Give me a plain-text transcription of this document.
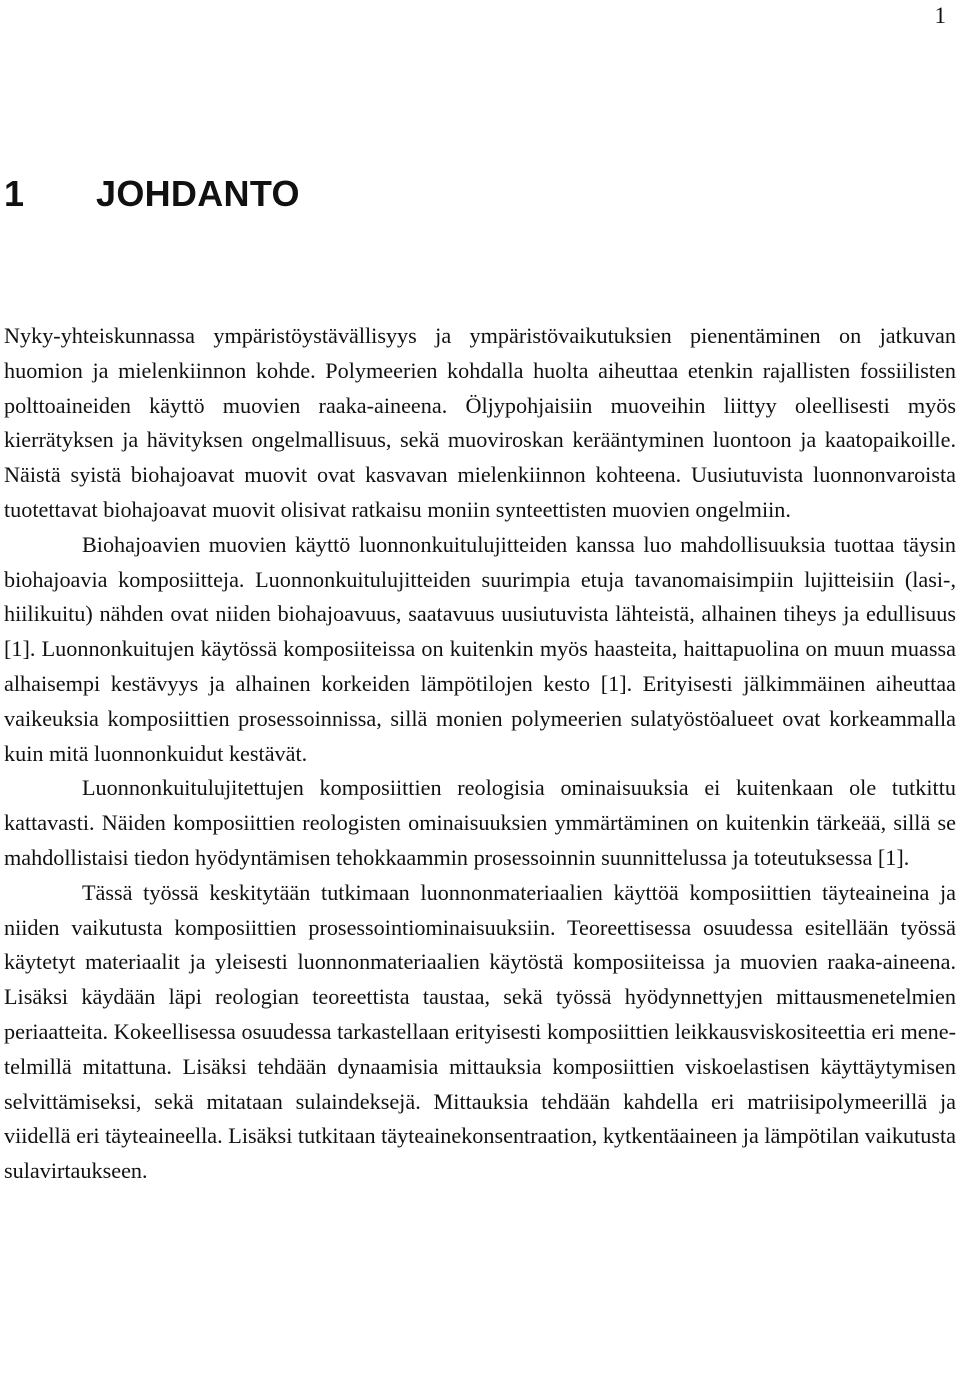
1
1 JOHDANTO

Nyky-yhteiskunnassa ympäristöystävällisyys ja ympäristövaikutuksien pienentäminen on jatkuvan huomion ja mielenkiinnon kohde. Polymeerien kohdalla huolta aiheuttaa etenkin rajallisten fossiilisten polttoaineiden käyttö muovien raaka-aineena. Öljypohjaisiin muoveihin liittyy oleellisesti myös kierrätyksen ja hävityksen ongelmallisuus, sekä muoviroskan kerääntyminen luontoon ja kaatopaikoille. Näistä syistä biohajoavat muovit ovat kasvavan mielenkiinnon kohteena. Uusiutuvista luonnonvaroista tuotettavat biohajoavat muovit olisivat ratkaisu moniin synteettisten muovien ongelmiin.

Biohajoavien muovien käyttö luonnonkuitulujitteiden kanssa luo mahdollisuuksia tuottaa täysin biohajoavia komposiitteja. Luonnonkuitulujitteiden suurimpia etuja tavanomaisimpiin lujitteisiin (lasi-, hiilikuitu) nähden ovat niiden biohajoavuus, saatavuus uusiutuvista lähteistä, alhainen tiheys ja edullisuus [1]. Luonnonkuitujen käytössä komposiiteissa on kuitenkin myös haasteita, haittapuolina on muun muassa alhaisempi kestävyys ja alhainen korkeiden lämpötilojen kesto [1]. Erityisesti jälkimmäinen aiheuttaa vaikeuksia komposiittien prosessoinnissa, sillä monien polymeerien sulatyöstöalueet ovat korkeammalla kuin mitä luonnonkuidut kestävät.

Luonnonkuitulujitettujen komposiittien reologisia ominaisuuksia ei kuitenkaan ole tutkittu kattavasti. Näiden komposiittien reologisten ominaisuuksien ymmärtäminen on kuitenkin tärkeää, sillä se mahdollistaisi tiedon hyödyntämisen tehokkaammin prosessoinnin suunnittelussa ja toteutuksessa [1].

Tässä työssä keskitytään tutkimaan luonnonmateriaalien käyttöä komposiittien täyteaineina ja niiden vaikutusta komposiittien prosessointiominaisuuksiin. Teoreettisessa osuudessa esitellään työssä käytetyt materiaalit ja yleisesti luonnonmateriaalien käytöstä komposiiteissa ja muovien raaka-aineena. Lisäksi käydään läpi reologian teoreettista taustaa, sekä työssä hyödynnettyjen mittausmenetelmien periaatteita. Kokeellisessa osuudessa tarkastellaan erityisesti komposiittien leikkausviskositeettia eri menetelmillä mitattuna. Lisäksi tehdään dynaamisia mittauksia komposiittien viskoelastisen käyttäytymisen selvittämiseksi, sekä mitataan sulaindeksejä. Mittauksia tehdään kahdella eri matriisipolymeerillä ja viidellä eri täyteaineella. Lisäksi tutkitaan täyteainekonsentraation, kytkentäaineen ja lämpötilan vaikutusta sulavirtaukseen.
